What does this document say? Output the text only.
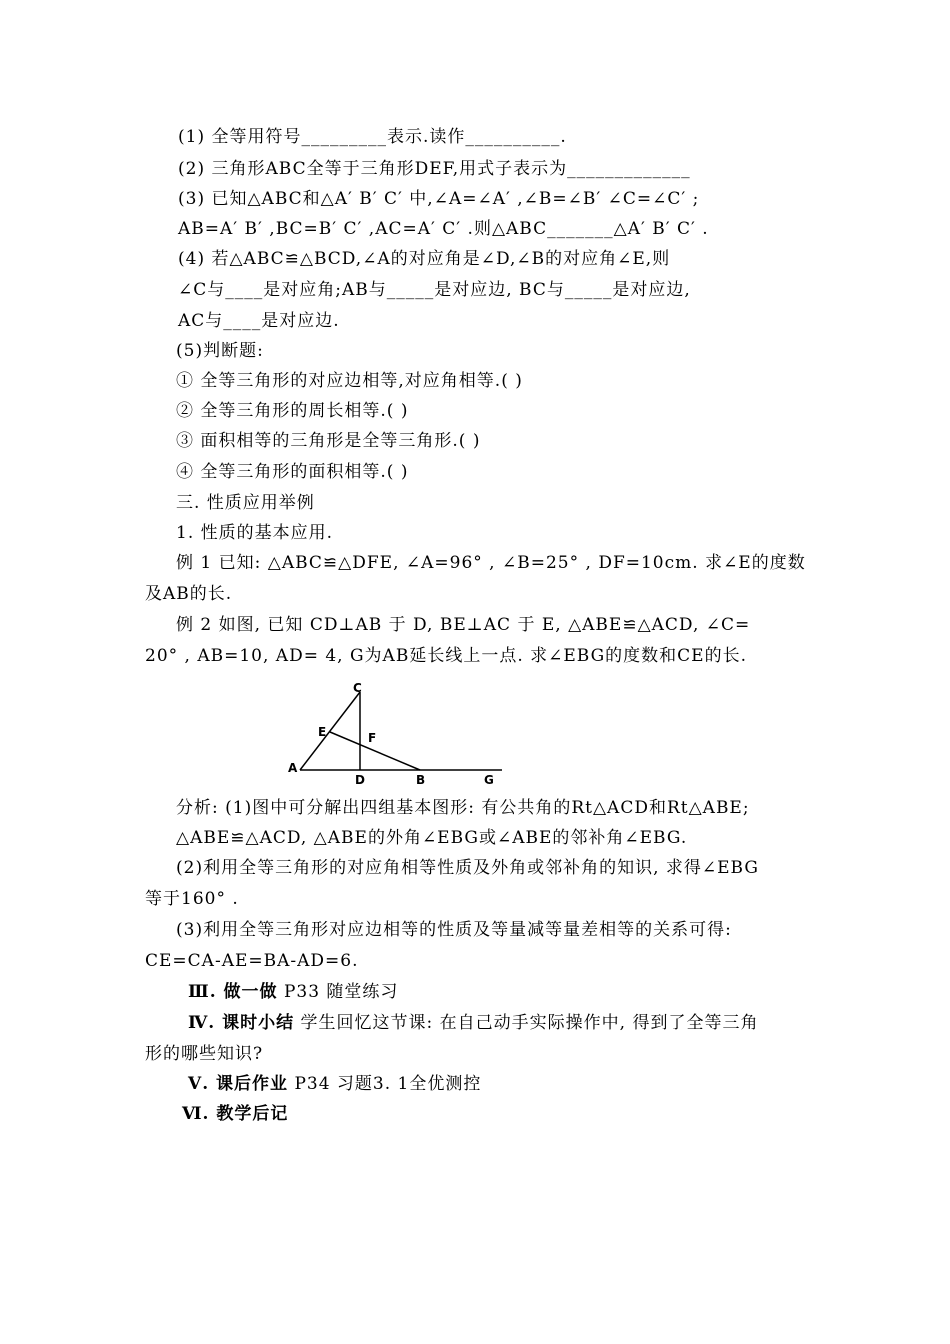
(1) 全等用符号_________表示.读作__________.
(2) 三角形ABC全等于三角形DEF,用式子表示为_____________
(3) 已知△ABC和△A′ B′ C′ 中,∠A=∠A′ ,∠B=∠B′ ∠C=∠C′ ;
AB=A′ B′ ,BC=B′ C′ ,AC=A′ C′ .则△ABC_______△A′ B′ C′ .
(4) 若△ABC≌△BCD,∠A的对应角是∠D,∠B的对应角∠E,则
∠C与____是对应角;AB与_____是对应边, BC与_____是对应边,
AC与____是对应边.
(5)判断题:
① 全等三角形的对应边相等,对应角相等.( )
② 全等三角形的周长相等.( )
③ 面积相等的三角形是全等三角形.( )
④ 全等三角形的面积相等.( )
三. 性质应用举例
1. 性质的基本应用.
例 1 已知: △ABC≌△DFE, ∠A=96° , ∠B=25° , DF=10cm. 求∠E的度数
及AB的长.
例 2 如图, 已知 CD⊥AB 于 D, BE⊥AC 于 E, △ABE≌△ACD, ∠C=
20° , AB=10, AD= 4, G为AB延长线上一点. 求∠EBG的度数和CE的长.
C
E	F
A
D	B	G
分析: (1)图中可分解出四组基本图形: 有公共角的Rt△ACD和Rt△ABE;
△ABE≌△ACD, △ABE的外角∠EBG或∠ABE的邻补角∠EBG.
(2)利用全等三角形的对应角相等性质及外角或邻补角的知识, 求得∠EBG
等于160° .
(3)利用全等三角形对应边相等的性质及等量减等量差相等的关系可得:
CE=CA-AE=BA-AD=6.
Ⅲ. 做一做 P33 随堂练习
Ⅳ. 课时小结 学生回忆这节课: 在自己动手实际操作中, 得到了全等三角
形的哪些知识?
Ⅴ. 课后作业 P34 习题3. 1全优测控
Ⅵ. 教学后记
